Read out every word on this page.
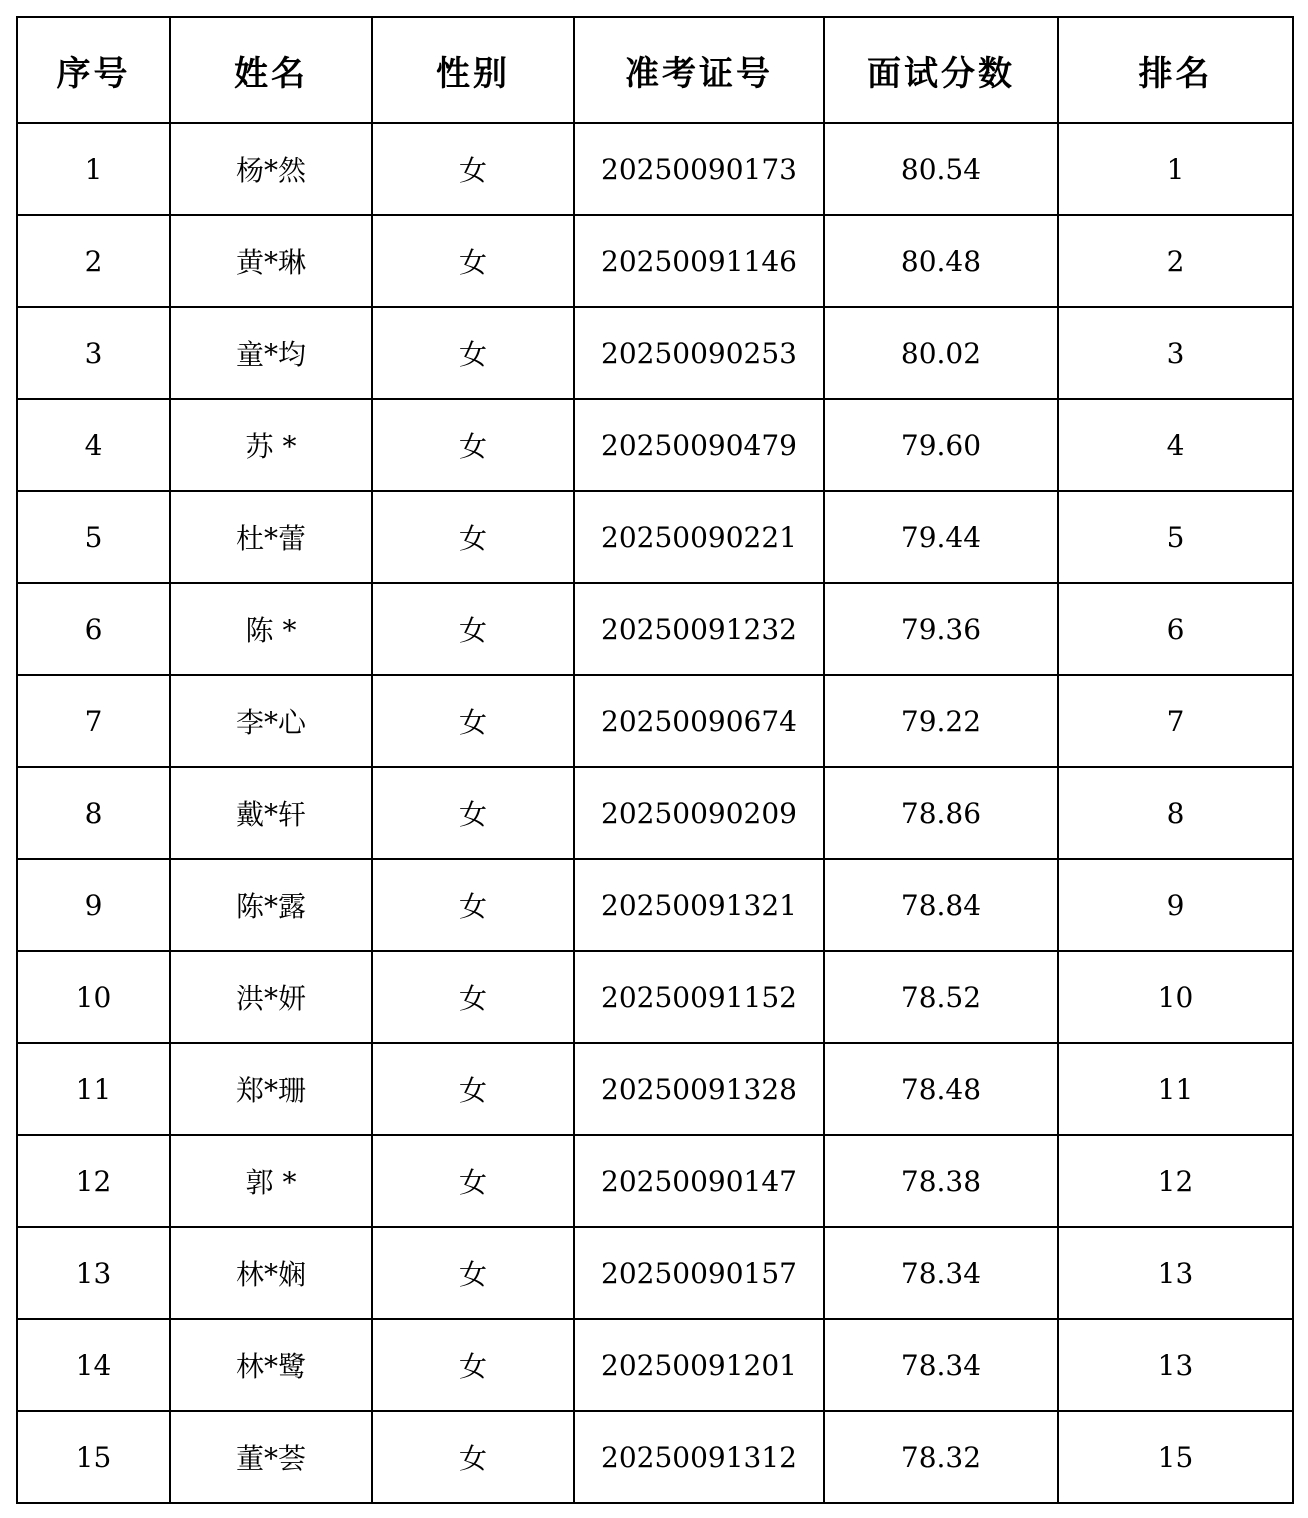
序号	姓名	性别	准考证号	面试分数	排名
1	杨*然	女	20250090173	80.54	1
2	黄*琳	女	20250091146	80.48	2
3	童*均	女	20250090253	80.02	3
4	苏 *	女	20250090479	79.60	4
5	杜*蕾	女	20250090221	79.44	5
6	陈 *	女	20250091232	79.36	6
7	李*心	女	20250090674	79.22	7
8	戴*轩	女	20250090209	78.86	8
9	陈*露	女	20250091321	78.84	9
10	洪*妍	女	20250091152	78.52	10
11	郑*珊	女	20250091328	78.48	11
12	郭 *	女	20250090147	78.38	12
13	林*娴	女	20250090157	78.34	13
14	林*鹭	女	20250091201	78.34	13
15	董*荟	女	20250091312	78.32	15
